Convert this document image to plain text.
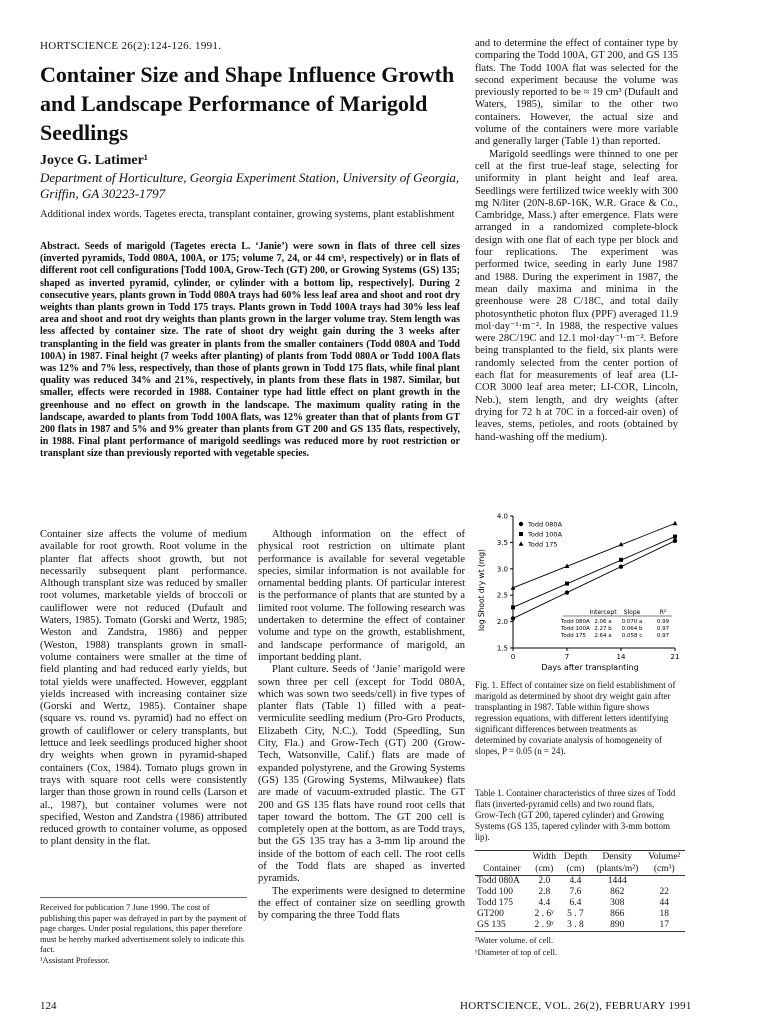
HORTSCIENCE 26(2):124-126. 1991.
Container Size and Shape Influence Growth and Landscape Performance of Marigold Seedlings
Joyce G. Latimer¹
Department of Horticulture, Georgia Experiment Station, University of Georgia, Griffin, GA 30223-1797
Additional index words. Tagetes erecta, transplant container, growing systems, plant establishment
Abstract. Seeds of marigold (Tagetes erecta L. ‘Janie’) were sown in flats of three cell sizes (inverted pyramids, Todd 080A, 100A, or 175; volume 7, 24, or 44 cm³, respectively) or in flats of different root cell configurations [Todd 100A, Grow-Tech (GT) 200, or Growing Systems (GS) 135; shaped as inverted pyramid, cylinder, or cylinder with a bottom lip, respectively]. During 2 consecutive years, plants grown in Todd 080A trays had 60% less leaf area and shoot and root dry weights than plants grown in Todd 175 trays. Plants grown in Todd 100A trays had 30% less leaf area and shoot and root dry weights than plants grown in the larger volume tray. Stem length was less affected by container size. The rate of shoot dry weight gain during the 3 weeks after transplanting in the field was greater in plants from the smaller containers (Todd 080A and Todd 100A) in 1987. Final height (7 weeks after planting) of plants from Todd 080A or Todd 100A flats was 12% and 7% less, respectively, than those of plants grown in Todd 175 flats, while final plant quality was reduced 34% and 21%, respectively, in plants from these flats in 1987. Similar, but smaller, effects were recorded in 1988. Container type had little effect on plant growth in the greenhouse and no effect on growth in the landscape. The maximum quality rating in the landscape, awarded to plants from Todd 100A flats, was 12% greater than that of plants from GT 200 flats in 1987 and 5% and 9% greater than plants from GT 200 and GS 135 flats, respectively, in 1988. Final plant performance of marigold seedlings was reduced more by root restriction or transplant size than previously reported with vegetable species.
Container size affects the volume of medium available for root growth. Root volume in the planter flat affects shoot growth, but not necessarily subsequent plant performance. Although transplant size was reduced by smaller root volumes, marketable yields of broccoli or cauliflower were not reduced (Dufault and Waters, 1985). Tomato (Gorski and Wertz, 1985; Weston and Zandstra, 1986) and pepper (Weston, 1988) transplants grown in small-volume containers were smaller at the time of field planting and had reduced early yields, but total yields were unaffected. However, eggplant yields increased with increasing container size (Gorski and Wertz, 1985). Container shape (square vs. round vs. pyramid) had no effect on growth of cauliflower or celery transplants, but lettuce and leek seedlings produced higher shoot dry weights when grown in pyramid-shaped containers (Cox, 1984). Tomato plugs grown in trays with square root cells were consistently larger than those grown in round cells (Larson et al., 1987), but container volumes were not specified, Weston and Zandstra (1986) attributed reduced growth to container volume, as opposed to plant density in the flat.
Although information on the effect of physical root restriction on ultimate plant performance is available for several vegetable species, similar information is not available for ornamental bedding plants. Of particular interest is the performance of plants that are stunted by a limited root volume. The following research was undertaken to determine the effect of container volume and type on the growth, establishment, and landscape performance of marigold, an important bedding plant.
Plant culture. Seeds of ‘Janie’ marigold were sown three per cell (except for Todd 080A, which was sown two seeds/cell) in five types of planter flats (Table 1) filled with a peat-vermiculite seedling medium (Pro-Gro Products, Elizabeth City, N.C.). Todd (Speedling, Sun City, Fla.) and Grow-Tech (GT) 200 (Grow-Tech, Watsonville, Calif.) flats are made of expanded polystyrene, and the Growing Systems (GS) 135 (Growing Systems, Milwaukee) flats are made of vacuum-extruded plastic. The GT 200 and GS 135 flats have round root cells that taper toward the bottom. The GT 200 cell is completely open at the bottom, as are Todd trays, but the GS 135 tray has a 3-mm lip around the inside of the bottom of each cell. The root cells of the Todd flats are shaped as inverted pyramids.
The experiments were designed to determine the effect of container size on seedling growth by comparing the three Todd flats
and to determine the effect of container type by comparing the Todd 100A, GT 200, and GS 135 flats. The Todd 100A flat was selected for the second experiment because the volume was previously reported to be ≈ 19 cm³ (Dufault and Waters, 1985), similar to the other two containers. However, the actual size and volume of the containers were more variable and generally larger (Table 1) than reported.
Marigold seedlings were thinned to one per cell at the first true-leaf stage, selecting for uniformity in plant height and leaf area. Seedlings were fertilized twice weekly with 300 mg N/liter (20N-8.6P-16K, W.R. Grace & Co., Cambridge, Mass.) after emergence. Flats were arranged in a randomized complete-block design with one flat of each type per block and four replications. The experiment was performed twice, seeding in early June 1987 and 1988. During the experiment in 1987, the mean daily maxima and minima in the greenhouse were 28 C/18C, and total daily photosynthetic photon flux (PPF) averaged 11.9 mol·day⁻¹·m⁻². In 1988, the respective values were 28C/19C and 12.1 mol·day⁻¹·m⁻². Before being transplanted to the field, six plants were randomly selected from the center portion of each flat for measurements of leaf area (LI-COR 3000 leaf area meter; LI-COR, Lincoln, Neb.), stem length, and dry weights (after drying for 72 h at 70C in a forced-air oven) of leaves, stems, petioles, and roots (obtained by hand-washing off the medium).
Received for publication 7 June 1990. The cost of publishing this paper was defrayed in part by the payment of page charges. Under postal regulations, this paper therefore must be hereby marked advertisement solely to indicate this fact.
¹Assistant Professor.
1.5
2.0
2.5
3.0
3.5
4.0
0	7	14	21
Todd 080A
Todd 100A
Todd 175
Intercept Slope	R²
Todd 080A 2.06 a 0.070 a	0.99
Todd 100A 2.27 b 0.064 b	0.97
Todd 175 2.64 a 0.058 c	0.97
Days after transplanting
log Shoot dry wt (mg)
Fig. 1. Effect of container size on field establishment of marigold as determined by shoot dry weight gain after transplanting in 1987. Table within figure shows regression equations, with different letters identifying significant differences between treatments as determined by covariate analysis of homogeneity of slopes, P = 0.05 (n = 24).
Table 1. Container characteristics of three sizes of Todd flats (inverted-pyramid cells) and two round flats, Grow-Tech (GT 200, tapered cylinder) and Growing Systems (GS 135, tapered cylinder with 3-mm bottom lip).
	Width	Depth	Density	Volume²
Container	(cm)	(cm)	(plants/m²)	(cm³)
Todd 080A	2.0	4.4	1444	
Todd 100	2.8	7.6	862	22
Todd 175	4.4	6.4	308	44
GT200	2 . 6ʸ	5 . 7	866	18
GS 135	2 . 9ʸ	3 . 8	890	17
²Water volume. of cell.
ʸDiameter of top of cell.
124	HORTSCIENCE, VOL. 26(2), FEBRUARY 1991
